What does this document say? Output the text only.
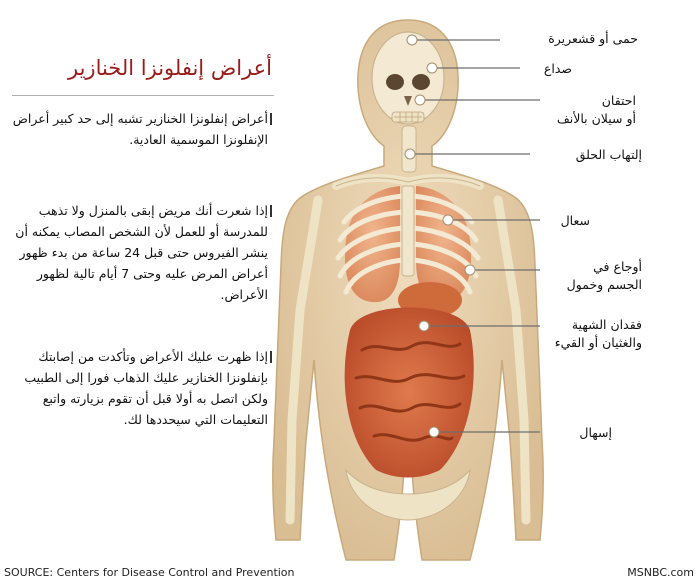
أعراض إنفلونزا الخنازير
أعراض إنفلونزا الخنازير تشبه إلى حد كبير أعراض الإنفلونزا الموسمية العادية.
إذا شعرت أنك مريض إبقى بالمنزل ولا تذهب للمدرسة أو للعمل لأن الشخص المصاب يمكنه أن ينشر الفيروس حتى قبل 24 ساعة من بدء ظهور أعراض المرض عليه وحتى 7 أيام تالية لظهور الأعراض.
إذا ظهرت عليك الأعراض وتأكدت من إصابتك بإنفلونزا الخنازير عليك الذهاب فورا إلى الطبيب ولكن اتصل به أولا قبل أن تقوم بزيارته واتبع التعليمات التي سيحددها لك.
حمى أو قشعريرة
صداع
احتقان
أو سيلان بالأنف
إلتهاب الحلق
سعال
أوجاع في
الجسم وخمول
فقدان الشهية
والغثيان أو القيء
إسهال
SOURCE: Centers for Disease Control and Prevention	MSNBC.com
